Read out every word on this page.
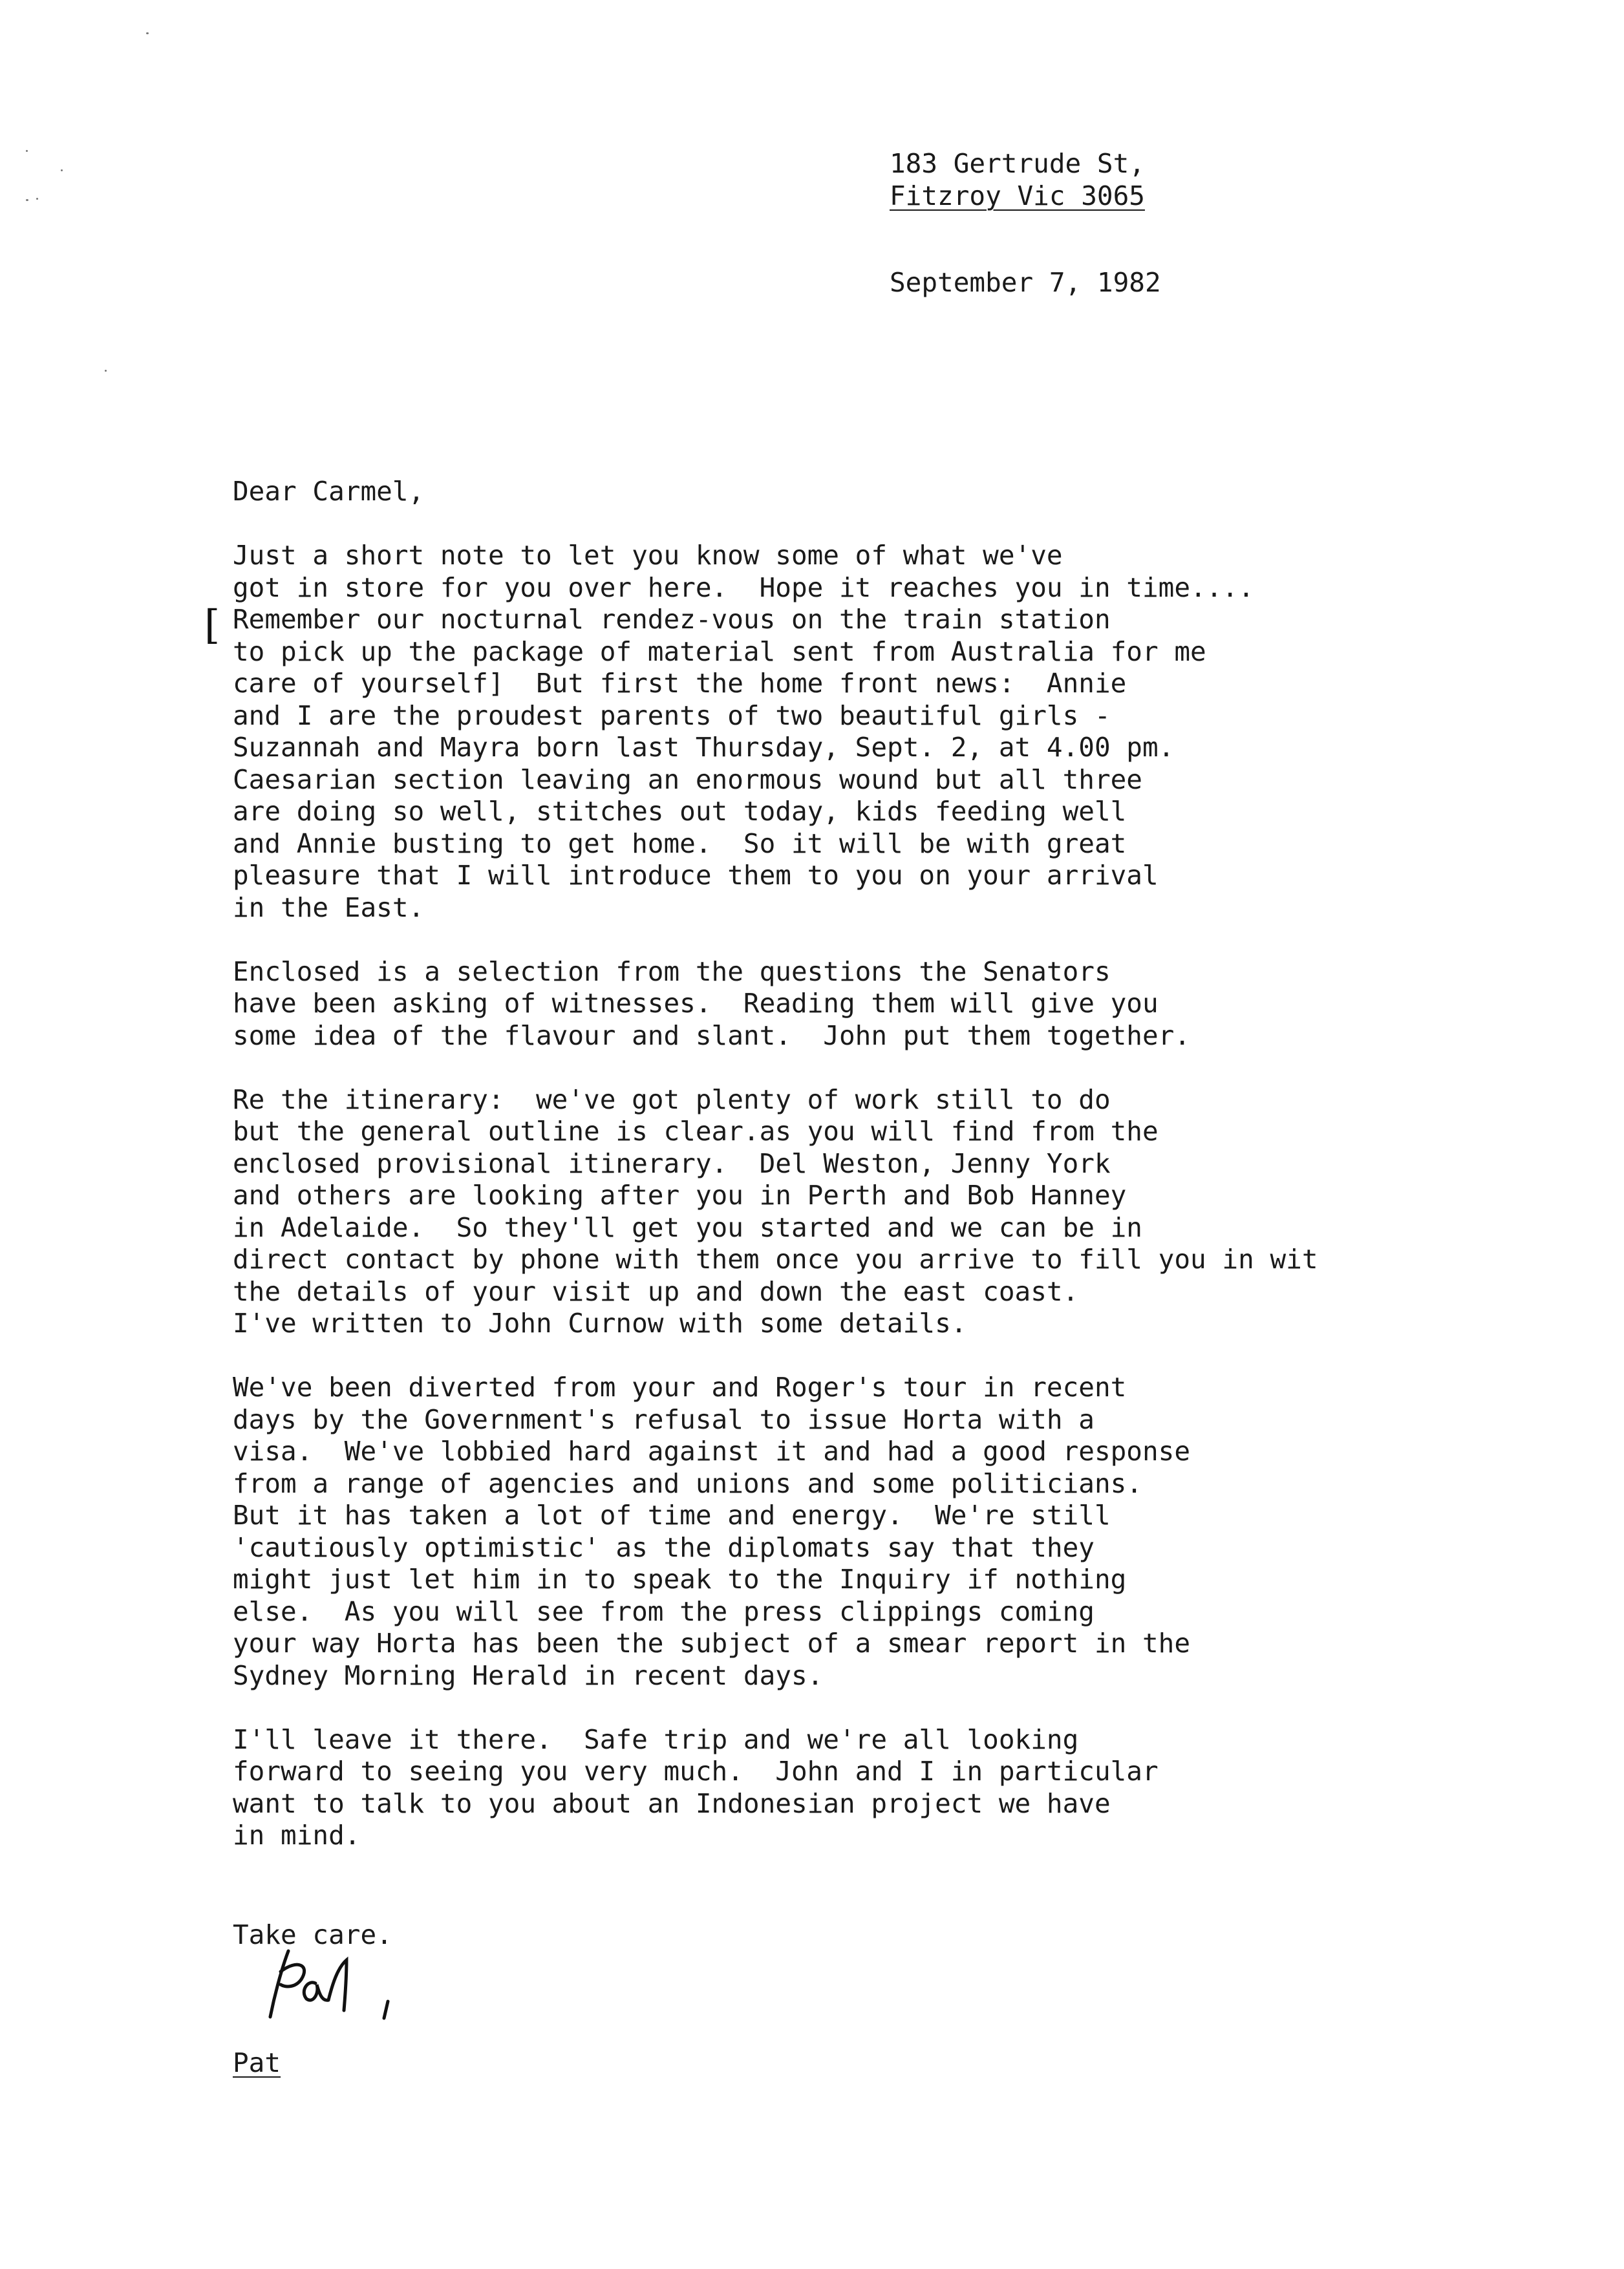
183 Gertrude St,
Fitzroy Vic 3065
September 7, 1982
[
Dear Carmel,
Just a short note to let you know some of what we've
got in store for you over here.  Hope it reaches you in time....
Remember our nocturnal rendez-vous on the train station
to pick up the package of material sent from Australia for me
care of yourself]  But first the home front news:  Annie
and I are the proudest parents of two beautiful girls -
Suzannah and Mayra born last Thursday, Sept. 2, at 4.00 pm.
Caesarian section leaving an enormous wound but all three
are doing so well, stitches out today, kids feeding well
and Annie busting to get home.  So it will be with great
pleasure that I will introduce them to you on your arrival
in the East.
Enclosed is a selection from the questions the Senators
have been asking of witnesses.  Reading them will give you
some idea of the flavour and slant.  John put them together.
Re the itinerary:  we've got plenty of work still to do
but the general outline is clear.as you will find from the
enclosed provisional itinerary.  Del Weston, Jenny York
and others are looking after you in Perth and Bob Hanney
in Adelaide.  So they'll get you started and we can be in
direct contact by phone with them once you arrive to fill you in wit
the details of your visit up and down the east coast.
I've written to John Curnow with some details.
We've been diverted from your and Roger's tour in recent
days by the Government's refusal to issue Horta with a
visa.  We've lobbied hard against it and had a good response
from a range of agencies and unions and some politicians.
But it has taken a lot of time and energy.  We're still
'cautiously optimistic' as the diplomats say that they
might just let him in to speak to the Inquiry if nothing
else.  As you will see from the press clippings coming
your way Horta has been the subject of a smear report in the
Sydney Morning Herald in recent days.
I'll leave it there.  Safe trip and we're all looking
forward to seeing you very much.  John and I in particular
want to talk to you about an Indonesian project we have
in mind.
Take care.
Pat
